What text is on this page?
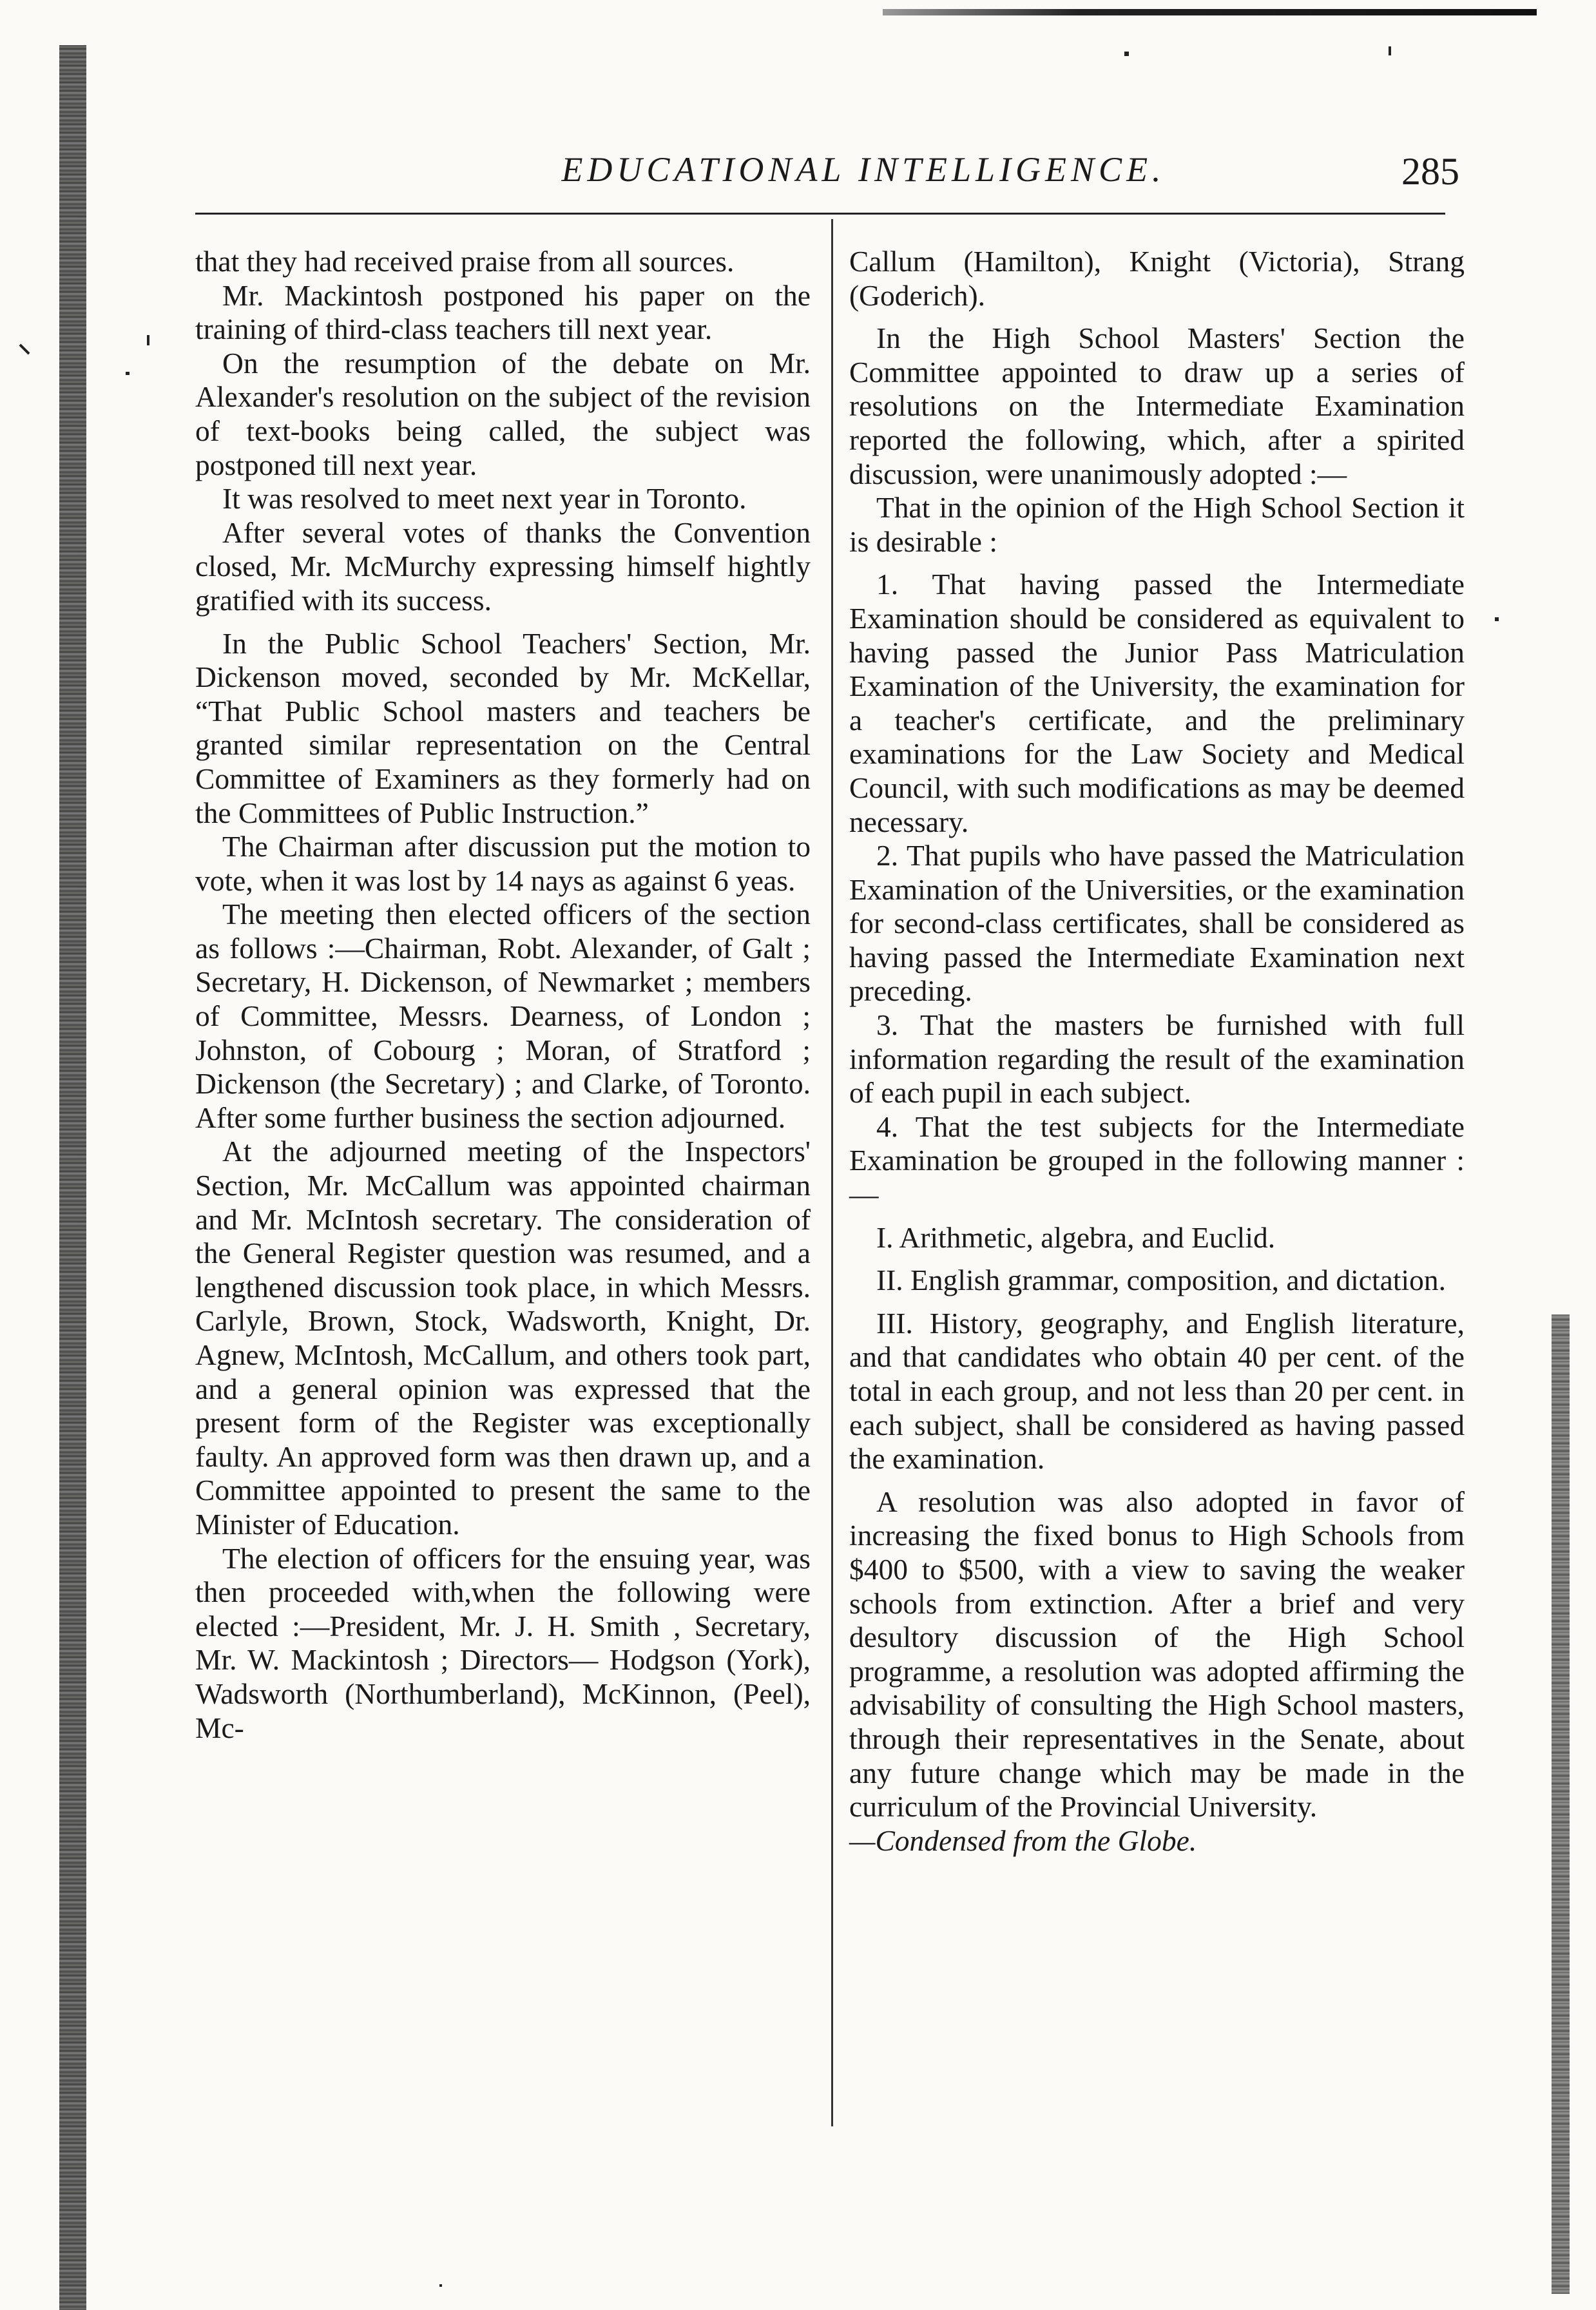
EDUCATIONAL INTELLIGENCE.	285

that they had received praise from all sources.

Mr. Mackintosh postponed his paper on the training of third-class teachers till next year.

On the resumption of the debate on Mr. Alexander's resolution on the subject of the revision of text-books being called, the subject was postponed till next year.

It was resolved to meet next year in Toronto.

After several votes of thanks the Convention closed, Mr. McMurchy expressing himself hightly gratified with its success.

In the Public School Teachers' Section, Mr. Dickenson moved, seconded by Mr. McKellar, “That Public School masters and teachers be granted similar representation on the Central Committee of Examiners as they formerly had on the Committees of Public Instruction.”

The Chairman after discussion put the motion to vote, when it was lost by 14 nays as against 6 yeas.

The meeting then elected officers of the section as follows :—Chairman, Robt. Alexander, of Galt ; Secretary, H. Dickenson, of Newmarket ; members of Committee, Messrs. Dearness, of London ; Johnston, of Cobourg ; Moran, of Stratford ; Dickenson (the Secretary) ; and Clarke, of Toronto. After some further business the section adjourned.

At the adjourned meeting of the Inspectors' Section, Mr. McCallum was appointed chairman and Mr. McIntosh secretary. The consideration of the General Register question was resumed, and a lengthened discussion took place, in which Messrs. Carlyle, Brown, Stock, Wadsworth, Knight, Dr. Agnew, McIntosh, McCallum, and others took part, and a general opinion was expressed that the present form of the Register was exceptionally faulty. An approved form was then drawn up, and a Committee appointed to present the same to the Minister of Education.

The election of officers for the ensuing year, was then proceeded with,when the following were elected :—President, Mr. J. H. Smith , Secretary, Mr. W. Mackintosh ; Directors— Hodgson (York), Wadsworth (Northumberland), McKinnon, (Peel), Mc-

Callum (Hamilton), Knight (Victoria), Strang (Goderich).

In the High School Masters' Section the Committee appointed to draw up a series of resolutions on the Intermediate Examination reported the following, which, after a spirited discussion, were unanimously adopted :—

That in the opinion of the High School Section it is desirable :

1. That having passed the Intermediate Examination should be considered as equivalent to having passed the Junior Pass Matriculation Examination of the University, the examination for a teacher's certificate, and the preliminary examinations for the Law Society and Medical Council, with such modifications as may be deemed necessary.

2. That pupils who have passed the Matriculation Examination of the Universities, or the examination for second-class certificates, shall be considered as having passed the Intermediate Examination next preceding.

3. That the masters be furnished with full information regarding the result of the examination of each pupil in each subject.

4. That the test subjects for the Intermediate Examination be grouped in the following manner :—

I. Arithmetic, algebra, and Euclid.

II. English grammar, composition, and dictation.

III. History, geography, and English literature, and that candidates who obtain 40 per cent. of the total in each group, and not less than 20 per cent. in each subject, shall be considered as having passed the examination.

A resolution was also adopted in favor of increasing the fixed bonus to High Schools from $400 to $500, with a view to saving the weaker schools from extinction. After a brief and very desultory discussion of the High School programme, a resolution was adopted affirming the advisability of consulting the High School masters, through their representatives in the Senate, about any future change which may be made in the curriculum of the Provincial University.

—Condensed from the Globe.
